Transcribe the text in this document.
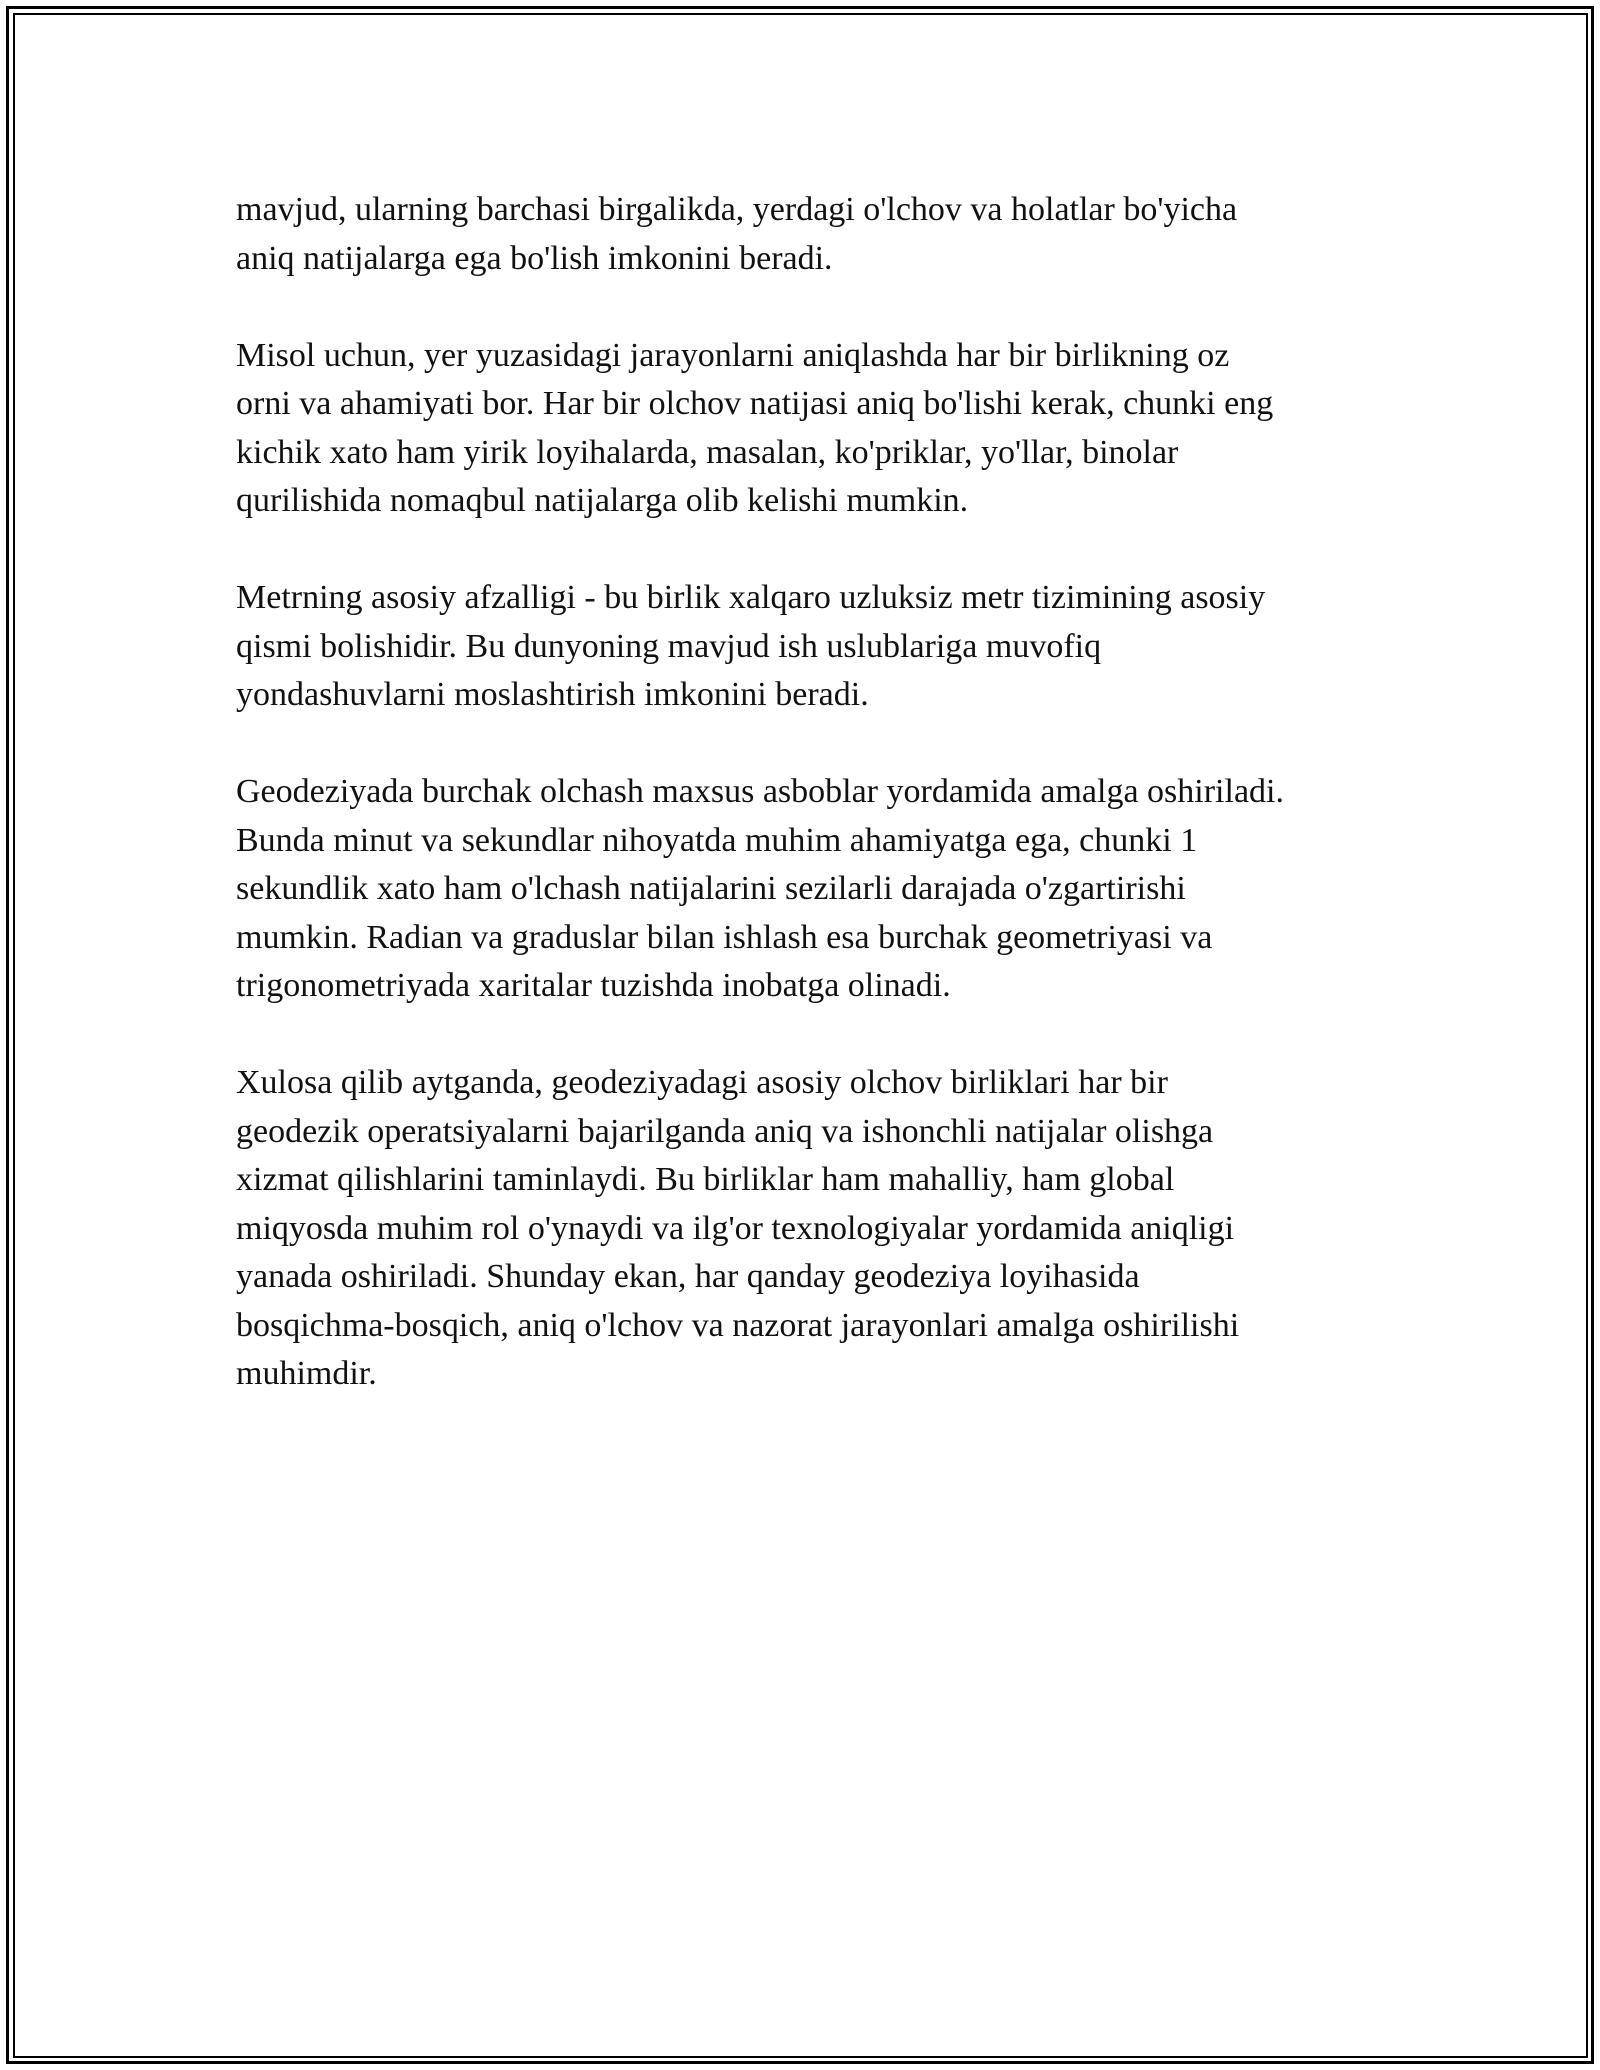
mavjud, ularning barchasi birgalikda, yerdagi o'lchov va holatlar bo'yicha
aniq natijalarga ega bo'lish imkonini beradi.

Misol uchun, yer yuzasidagi jarayonlarni aniqlashda har bir birlikning oz
orni va ahamiyati bor. Har bir olchov natijasi aniq bo'lishi kerak, chunki eng
kichik xato ham yirik loyihalarda, masalan, ko'priklar, yo'llar, binolar
qurilishida nomaqbul natijalarga olib kelishi mumkin.

Metrning asosiy afzalligi - bu birlik xalqaro uzluksiz metr tizimining asosiy
qismi bolishidir. Bu dunyoning mavjud ish uslublariga muvofiq
yondashuvlarni moslashtirish imkonini beradi.

Geodeziyada burchak olchash maxsus asboblar yordamida amalga oshiriladi.
Bunda minut va sekundlar nihoyatda muhim ahamiyatga ega, chunki 1
sekundlik xato ham o'lchash natijalarini sezilarli darajada o'zgartirishi
mumkin. Radian va graduslar bilan ishlash esa burchak geometriyasi va
trigonometriyada xaritalar tuzishda inobatga olinadi.

Xulosa qilib aytganda, geodeziyadagi asosiy olchov birliklari har bir
geodezik operatsiyalarni bajarilganda aniq va ishonchli natijalar olishga
xizmat qilishlarini taminlaydi. Bu birliklar ham mahalliy, ham global
miqyosda muhim rol o'ynaydi va ilg'or texnologiyalar yordamida aniqligi
yanada oshiriladi. Shunday ekan, har qanday geodeziya loyihasida
bosqichma-bosqich, aniq o'lchov va nazorat jarayonlari amalga oshirilishi
muhimdir.
